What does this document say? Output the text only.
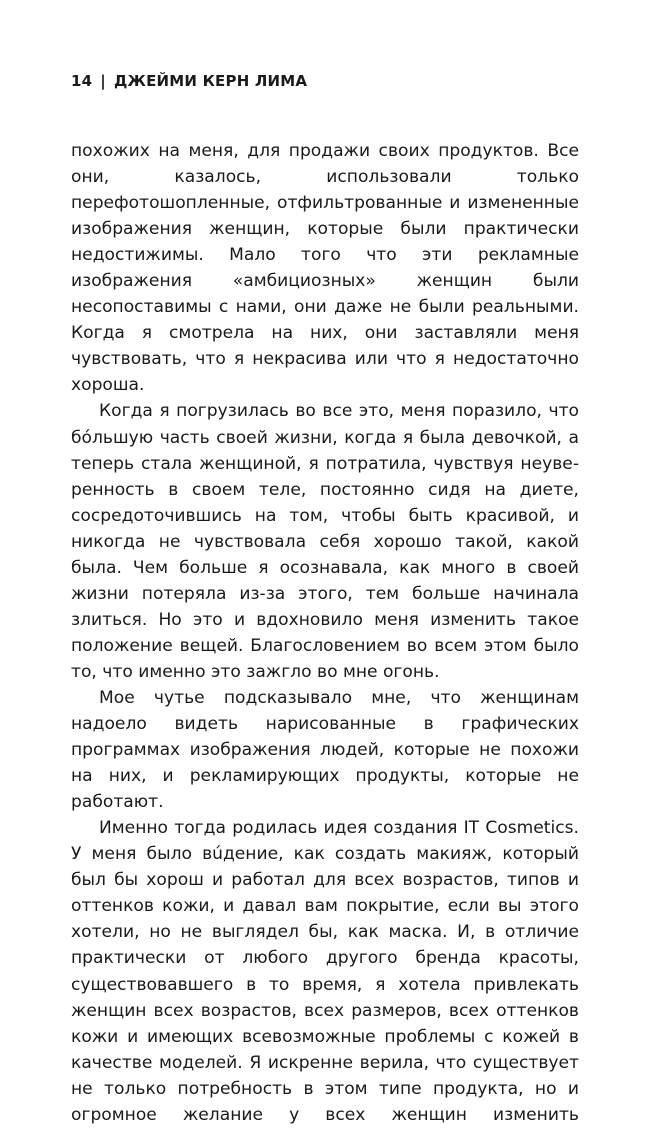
14 | ДЖЕЙМИ КЕРН ЛИМА

похожих на меня, для продажи своих продуктов. Все они, казалось, использовали только перефотошопленные, отфильтрованные и измененные изображения женщин, которые были практически недостижимы. Мало того что эти рекламные изображения «амбициозных» женщин были несопоставимы с нами, они даже не были реальными. Когда я смотрела на них, они заставляли меня чувствовать, что я некрасива или что я недостаточно хороша.

Когда я погрузилась во все это, меня поразило, что бóльшую часть своей жизни, когда я была девочкой, а теперь стала женщиной, я потратила, чувствуя неуверенность в своем теле, постоянно сидя на диете, сосредоточившись на том, чтобы быть красивой, и никогда не чувствовала себя хорошо такой, какой была. Чем больше я осознавала, как много в своей жизни потеряла из-за этого, тем больше начинала злиться. Но это и вдохновило меня изменить такое положение вещей. Благословением во всем этом было то, что именно это зажгло во мне огонь.

Мое чутье подсказывало мне, что женщинам надоело видеть нарисованные в графических программах изображения людей, которые не похожи на них, и рекламирующих продукты, которые не работают.

Именно тогда родилась идея создания IT Cosmetics. У меня было вúдение, как создать макияж, который был бы хорош и работал для всех возрастов, типов и оттенков кожи, и давал вам покрытие, если вы этого хотели, но не выглядел бы, как маска. И, в отличие практически от любого другого бренда красоты, существовавшего в то время, я хотела привлекать женщин всех возрастов, всех размеров, всех оттенков кожи и имеющих всевозможные проблемы с кожей в качестве моделей. Я искренне верила, что существует не только потребность в этом типе продукта, но и огромное желание у всех женщин изменить
